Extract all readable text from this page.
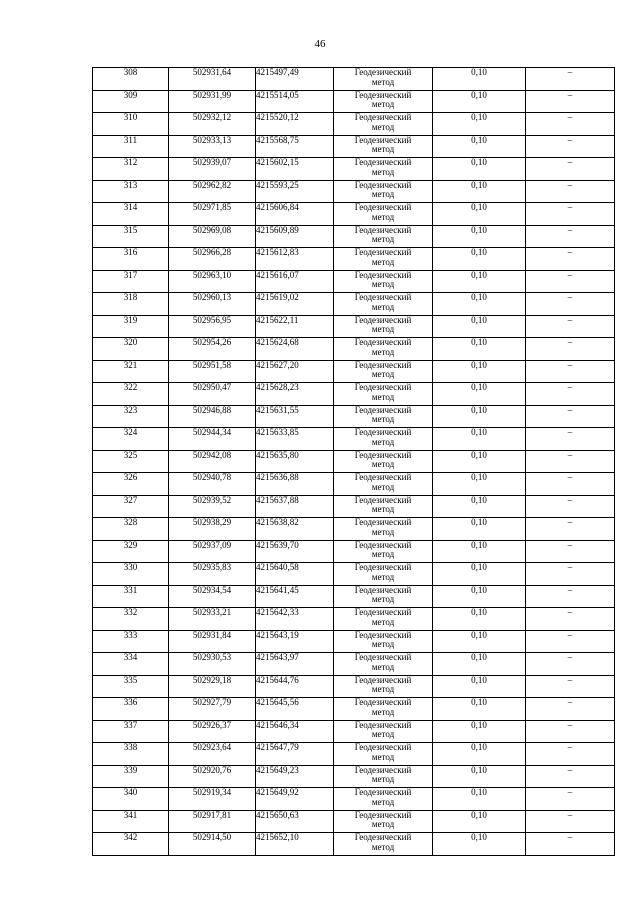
46
308	502931,64	4215497,49	Геодезический
метод	0,10	–
309	502931,99	4215514,05	Геодезический
метод	0,10	–
310	502932,12	4215520,12	Геодезический
метод	0,10	–
311	502933,13	4215568,75	Геодезический
метод	0,10	–
312	502939,07	4215602,15	Геодезический
метод	0,10	–
313	502962,82	4215593,25	Геодезический
метод	0,10	–
314	502971,85	4215606,84	Геодезический
метод	0,10	–
315	502969,08	4215609,89	Геодезический
метод	0,10	–
316	502966,28	4215612,83	Геодезический
метод	0,10	–
317	502963,10	4215616,07	Геодезический
метод	0,10	–
318	502960,13	4215619,02	Геодезический
метод	0,10	–
319	502956,95	4215622,11	Геодезический
метод	0,10	–
320	502954,26	4215624,68	Геодезический
метод	0,10	–
321	502951,58	4215627,20	Геодезический
метод	0,10	–
322	502950,47	4215628,23	Геодезический
метод	0,10	–
323	502946,88	4215631,55	Геодезический
метод	0,10	–
324	502944,34	4215633,85	Геодезический
метод	0,10	–
325	502942,08	4215635,80	Геодезический
метод	0,10	–
326	502940,78	4215636,88	Геодезический
метод	0,10	–
327	502939,52	4215637,88	Геодезический
метод	0,10	–
328	502938,29	4215638,82	Геодезический
метод	0,10	–
329	502937,09	4215639,70	Геодезический
метод	0,10	–
330	502935,83	4215640,58	Геодезический
метод	0,10	–
331	502934,54	4215641,45	Геодезический
метод	0,10	–
332	502933,21	4215642,33	Геодезический
метод	0,10	–
333	502931,84	4215643,19	Геодезический
метод	0,10	–
334	502930,53	4215643,97	Геодезический
метод	0,10	–
335	502929,18	4215644,76	Геодезический
метод	0,10	–
336	502927,79	4215645,56	Геодезический
метод	0,10	–
337	502926,37	4215646,34	Геодезический
метод	0,10	–
338	502923,64	4215647,79	Геодезический
метод	0,10	–
339	502920,76	4215649,23	Геодезический
метод	0,10	–
340	502919,34	4215649,92	Геодезический
метод	0,10	–
341	502917,81	4215650,63	Геодезический
метод	0,10	–
342	502914,50	4215652,10	Геодезический
метод	0,10	–
